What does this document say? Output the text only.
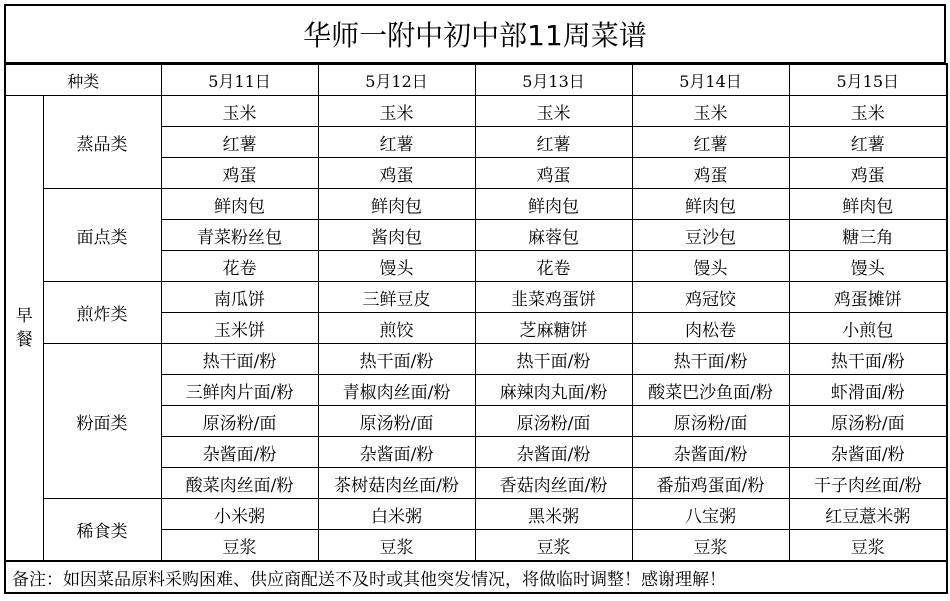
华师一附中初中部11周菜谱
种类		5月11日	5月12日	5月13日	5月14日	5月15日

早
餐	蒸品类	玉米	玉米	玉米	玉米	玉米
		红薯	红薯	红薯	红薯	红薯
		鸡蛋	鸡蛋	鸡蛋	鸡蛋	鸡蛋
	面点类	鲜肉包	鲜肉包	鲜肉包	鲜肉包	鲜肉包
		青菜粉丝包	酱肉包	麻蓉包	豆沙包	糖三角
		花卷	馒头	花卷	馒头	馒头
	煎炸类	南瓜饼	三鲜豆皮	韭菜鸡蛋饼	鸡冠饺	鸡蛋摊饼
		玉米饼	煎饺	芝麻糖饼	肉松卷	小煎包
	粉面类	热干面/粉	热干面/粉	热干面/粉	热干面/粉	热干面/粉
		三鲜肉片面/粉	青椒肉丝面/粉	麻辣肉丸面/粉	酸菜巴沙鱼面/粉	虾滑面/粉
		原汤粉/面	原汤粉/面	原汤粉/面	原汤粉/面	原汤粉/面
		杂酱面/粉	杂酱面/粉	杂酱面/粉	杂酱面/粉	杂酱面/粉
		酸菜肉丝面/粉	茶树菇肉丝面/粉	香菇肉丝面/粉	番茄鸡蛋面/粉	干子肉丝面/粉
	稀食类	小米粥	白米粥	黑米粥	八宝粥	红豆薏米粥
		豆浆	豆浆	豆浆	豆浆	豆浆
备注：如因菜品原料采购困难、供应商配送不及时或其他突发情况，将做临时调整！感谢理解！						
